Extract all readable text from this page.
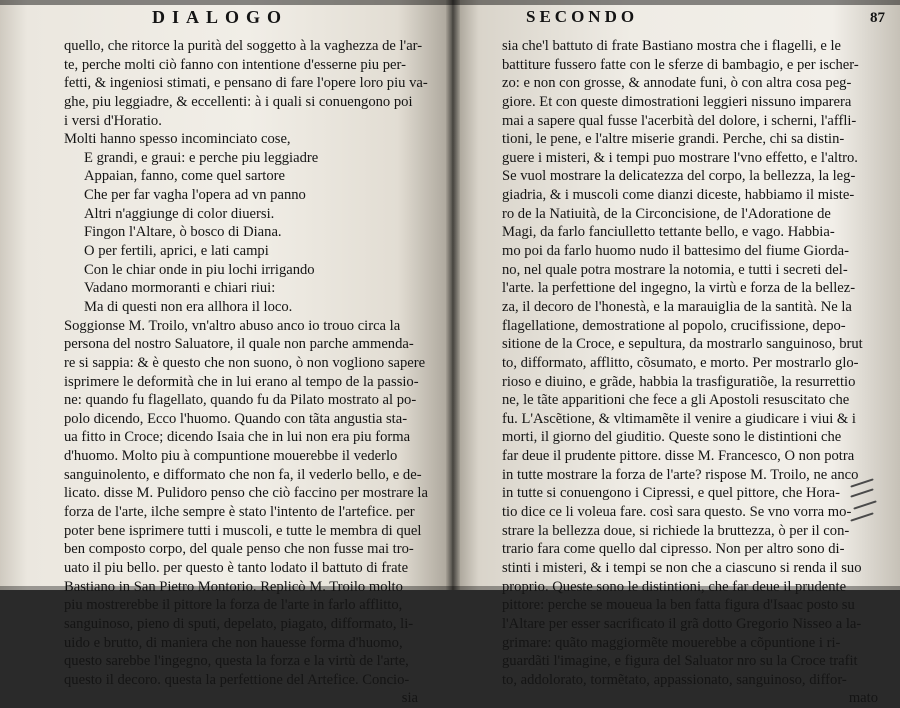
DIALOGO
quello, che ritorce la purità del soggetto à la vaghezza de l'ar-
te, perche molti ciò fanno con intentione d'esserne piu per-
fetti, & ingeniosi stimati, e pensano di fare l'opere loro piu va-
ghe, piu leggiadre, & eccellenti: à i quali si conuengono poi
i versi d'Horatio.
Molti hanno spesso incominciato cose,
E grandi, e graui: e perche piu leggiadre
Appaian, fanno, come quel sartore
Che per far vagha l'opera ad vn panno
Altri n'aggiunge di color diuersi.
Fingon l'Altare, ò bosco di Diana.
O per fertili, aprici, e lati campi
Con le chiar onde in piu lochi irrigando
Vadano mormoranti e chiari riui:
Ma di questi non era allhora il loco.
Soggionse M. Troilo, vn'altro abuso anco io trouo circa la
persona del nostro Saluatore, il quale non parche ammenda-
re si sappia: & è questo che non suono, ò non vogliono sapere
isprimere le deformità che in lui erano al tempo de la passio-
ne: quando fu flagellato, quando fu da Pilato mostrato al po-
polo dicendo, Ecco l'huomo. Quando con tãta angustia sta-
ua fitto in Croce; dicendo Isaia che in lui non era piu forma
d'huomo. Molto piu à compuntione mouerebbe il vederlo
sanguinolento, e difformato che non fa, il vederlo bello, e de-
licato. disse M. Pulidoro penso che ciò faccino per mostrare la
forza de l'arte, ilche sempre è stato l'intento de l'artefice. per
poter bene isprimere tutti i muscoli, e tutte le membra di quel
ben composto corpo, del quale penso che non fusse mai tro-
uato il piu bello. per questo è tanto lodato il battuto di frate
Bastiano in San Pietro Montorio. Replicò M. Troilo molto
piu mostrerebbe il pittore la forza de l'arte in farlo afflitto,
sanguinoso, pieno di sputi, depelato, piagato, difformato, li-
uido e brutto, di maniera che non hauesse forma d'huomo,
questo sarebbe l'ingegno, questa la forza e la virtù de l'arte,
questo il decoro. questa la perfettione del Artefice. Concio-
sia
SECONDO	87
sia che'l battuto di frate Bastiano mostra che i flagelli, e le
battiture fussero fatte con le sferze di bambagio, e per ischer-
zo: e non con grosse, & annodate funi, ò con altra cosa peg-
giore. Et con queste dimostrationi leggieri nissuno imparera
mai a sapere qual fusse l'acerbità del dolore, i scherni, l'affli-
tioni, le pene, e l'altre miserie grandi. Perche, chi sa distin-
guere i misteri, & i tempi puo mostrare l'vno effetto, e l'altro.
Se vuol mostrare la delicatezza del corpo, la bellezza, la leg-
giadria, & i muscoli come dianzi diceste, habbiamo il miste-
ro de la Natiuità, de la Circoncisione, de l'Adoratione de
Magi, da farlo fanciulletto tettante bello, e vago. Habbia-
mo poi da farlo huomo nudo il battesimo del fiume Giorda-
no, nel quale potra mostrare la notomia, e tutti i secreti del-
l'arte. la perfettione del ingegno, la virtù e forza de la bellez-
za, il decoro de l'honestà, e la marauiglia de la santità. Ne la
flagellatione, demostratione al popolo, crucifissione, depo-
sitione de la Croce, e sepultura, da mostrarlo sanguinoso, brut
to, difformato, afflitto, cõsumato, e morto. Per mostrarlo glo-
rioso e diuino, e grãde, habbia la trasfiguratiõe, la resurrettio
ne, le tãte apparitioni che fece a gli Apostoli resuscitato che
fu. L'Ascẽtione, & vltimamẽte il venire a giudicare i viui & i
morti, il giorno del giuditio. Queste sono le distintioni che
far deue il prudente pittore. disse M. Francesco, O non potra
in tutte mostrare la forza de l'arte? rispose M. Troilo, ne anco
in tutte si conuengono i Cipressi, e quel pittore, che Hora-
tio dice ce li voleua fare. così sara questo. Se vno vorra mo-
strare la bellezza doue, si richiede la bruttezza, ò per il con-
trario fara come quello dal cipresso. Non per altro sono di-
stinti i misteri, & i tempi se non che a ciascuno si renda il suo
proprio. Queste sono le distintioni, che far deue il prudente
pittore: perche se moueua la ben fatta figura d'Isaac posto su
l'Altare per esser sacrificato il grã dotto Gregorio Nisseo a la-
grimare: quãto maggiormẽte mouerebbe a cõpuntione i ri-
guardãti l'imagine, e figura del Saluator nro su la Croce trafit
to, addolorato, tormẽtato, appassionato, sanguinoso, diffor-
mato
